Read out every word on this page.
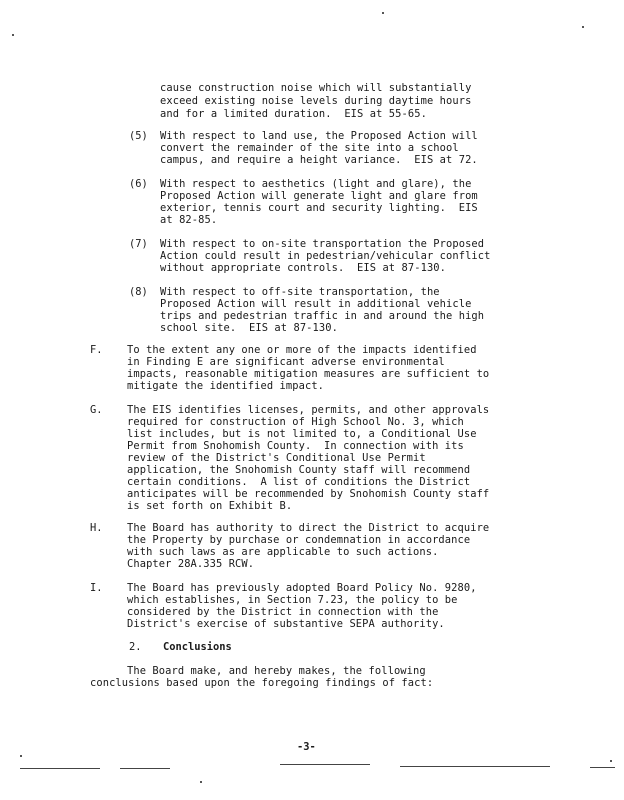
cause construction noise which will substantially
exceed existing noise levels during daytime hours
and for a limited duration.  EIS at 55-65.
(5) With respect to land use, the Proposed Action will
convert the remainder of the site into a school
campus, and require a height variance.  EIS at 72.
(6) With respect to aesthetics (light and glare), the
Proposed Action will generate light and glare from
exterior, tennis court and security lighting.  EIS
at 82-85.
(7) With respect to on-site transportation the Proposed
Action could result in pedestrian/vehicular conflict
without appropriate controls.  EIS at 87-130.
(8) With respect to off-site transportation, the
Proposed Action will result in additional vehicle
trips and pedestrian traffic in and around the high
school site.  EIS at 87-130.
F. To the extent any one or more of the impacts identified
in Finding E are significant adverse environmental
impacts, reasonable mitigation measures are sufficient to
mitigate the identified impact.
G. The EIS identifies licenses, permits, and other approvals
required for construction of High School No. 3, which
list includes, but is not limited to, a Conditional Use
Permit from Snohomish County.  In connection with its
review of the District's Conditional Use Permit
application, the Snohomish County staff will recommend
certain conditions.  A list of conditions the District
anticipates will be recommended by Snohomish County staff
is set forth on Exhibit B.
H. The Board has authority to direct the District to acquire
the Property by purchase or condemnation in accordance
with such laws as are applicable to such actions.
Chapter 28A.335 RCW.
I. The Board has previously adopted Board Policy No. 9280,
which establishes, in Section 7.23, the policy to be
considered by the District in connection with the
District's exercise of substantive SEPA authority.
2. Conclusions
The Board make, and hereby makes, the following
conclusions based upon the foregoing findings of fact:
-3-
